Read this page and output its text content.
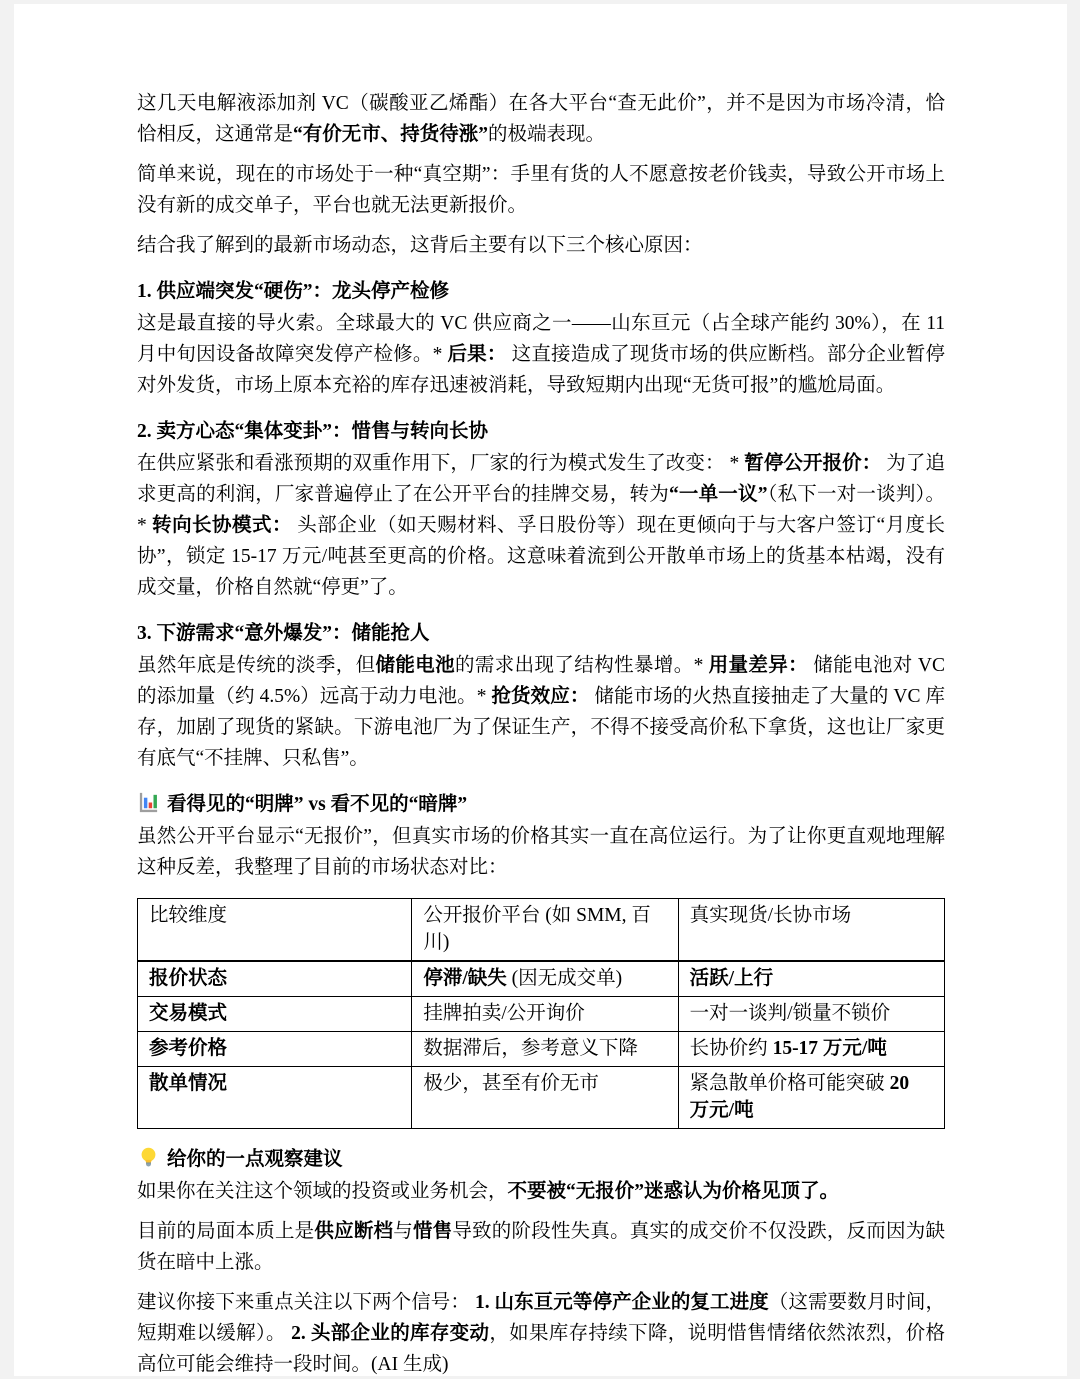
这几天电解液添加剂 VC（碳酸亚乙烯酯）在各大平台“查无此价”，并不是因为市场冷清，恰恰相反，这通常是“有价无市、持货待涨”的极端表现。
简单来说，现在的市场处于一种“真空期”：手里有货的人不愿意按老价钱卖，导致公开市场上没有新的成交单子，平台也就无法更新报价。
结合我了解到的最新市场动态，这背后主要有以下三个核心原因：
1. 供应端突发“硬伤”：龙头停产检修
这是最直接的导火索。全球最大的 VC 供应商之一——山东亘元（占全球产能约 30%），在 11 月中旬因设备故障突发停产检修。* 后果： 这直接造成了现货市场的供应断档。部分企业暂停对外发货，市场上原本充裕的库存迅速被消耗，导致短期内出现“无货可报”的尴尬局面。
2. 卖方心态“集体变卦”：惜售与转向长协
在供应紧张和看涨预期的双重作用下，厂家的行为模式发生了改变： * 暂停公开报价： 为了追求更高的利润，厂家普遍停止了在公开平台的挂牌交易，转为“一单一议”（私下一对一谈判）。* 转向长协模式： 头部企业（如天赐材料、孚日股份等）现在更倾向于与大客户签订“月度长协”，锁定 15-17 万元/吨甚至更高的价格。这意味着流到公开散单市场上的货基本枯竭，没有成交量，价格自然就“停更”了。
3. 下游需求“意外爆发”：储能抢人
虽然年底是传统的淡季，但储能电池的需求出现了结构性暴增。* 用量差异： 储能电池对 VC 的添加量（约 4.5%）远高于动力电池。* 抢货效应： 储能市场的火热直接抽走了大量的 VC 库存，加剧了现货的紧缺。下游电池厂为了保证生产，不得不接受高价私下拿货，这也让厂家更有底气“不挂牌、只私售”。
看得见的“明牌” vs 看不见的“暗牌”
虽然公开平台显示“无报价”，但真实市场的价格其实一直在高位运行。为了让你更直观地理解这种反差，我整理了目前的市场状态对比：
比较维度	公开报价平台 (如 SMM, 百川)	真实现货/长协市场
报价状态	停滞/缺失 (因无成交单)	活跃/上行
交易模式	挂牌拍卖/公开询价	一对一谈判/锁量不锁价
参考价格	数据滞后，参考意义下降	长协价约 15-17 万元/吨
散单情况	极少，甚至有价无市	紧急散单价格可能突破 20 万元/吨
给你的一点观察建议
如果你在关注这个领域的投资或业务机会，不要被“无报价”迷惑认为价格见顶了。
目前的局面本质上是供应断档与惜售导致的阶段性失真。真实的成交价不仅没跌，反而因为缺货在暗中上涨。
建议你接下来重点关注以下两个信号： 1. 山东亘元等停产企业的复工进度（这需要数月时间，短期难以缓解）。 2. 头部企业的库存变动，如果库存持续下降，说明惜售情绪依然浓烈，价格高位可能会维持一段时间。(AI 生成)
